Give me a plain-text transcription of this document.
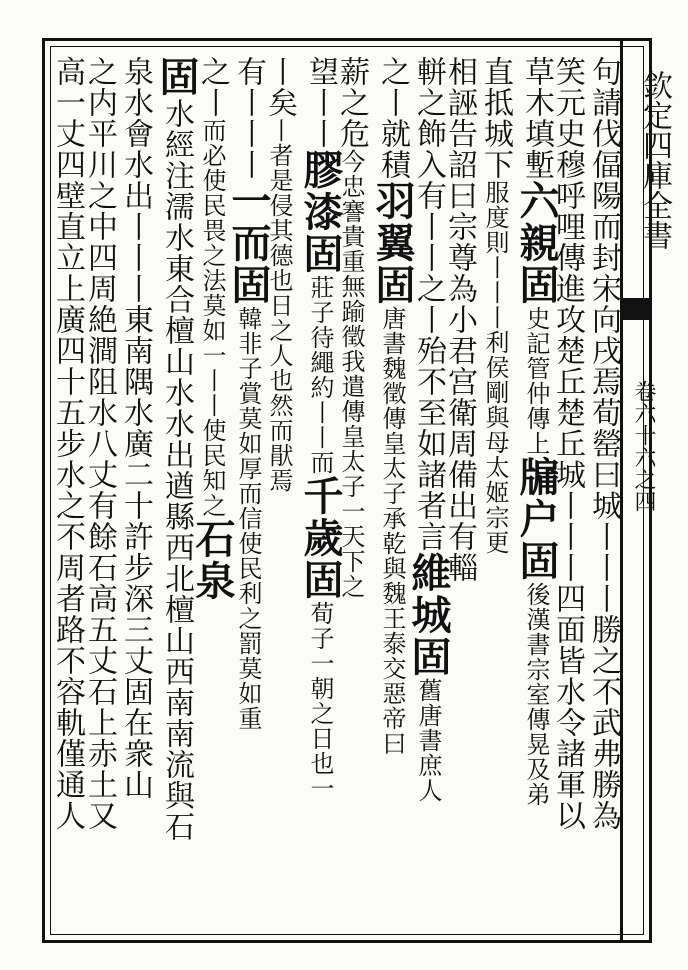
欽定四庫全書
卷六十六之四
句請伐偪陽而封宋向戌焉荀罃曰城丨丨丨勝之不武弗勝為
笑元史穆呼哩傳進攻楚丘楚丘城丨丨丨四面皆水令諸軍以
草木填塹六親固史記管仲傳上牖户固後漢書宗室傳晃及弟
直抵城下服度則丨丨丨利侯剛與母太姬宗更
相誣告詔曰宗尊為小君宫衛周備出有輜
軿之飾入有丨丨之丨殆不至如諸者言維城固舊唐書庶人
之丨就積羽翼固唐書魏徵傳皇太子承乾與魏王泰交惡帝曰
薪之危今忠謇貴重無踰徵我遣傳皇太子一天下之
望丨丨膠漆固莊子待繩約丨丨而千歲固荀子一朝之日也一
丨矣丨者是侵其德也日之人也然而猒焉
有丨丨丨一而固韓非子賞莫如厚而信使民利之罰莫如重
之丨而必使民畏之法莫如一丨丨使民知之石泉
固水經注濡水東合檀山水水出遒縣西北檀山西南南流與石
泉水會水出丨丨丨東南隅水廣二十許步深三丈固在衆山
之内平川之中四周絶澗阻水八丈有餘石高五丈石上赤土又
高一丈四壁直立上廣四十五步水之不周者路不容軌僅通人
